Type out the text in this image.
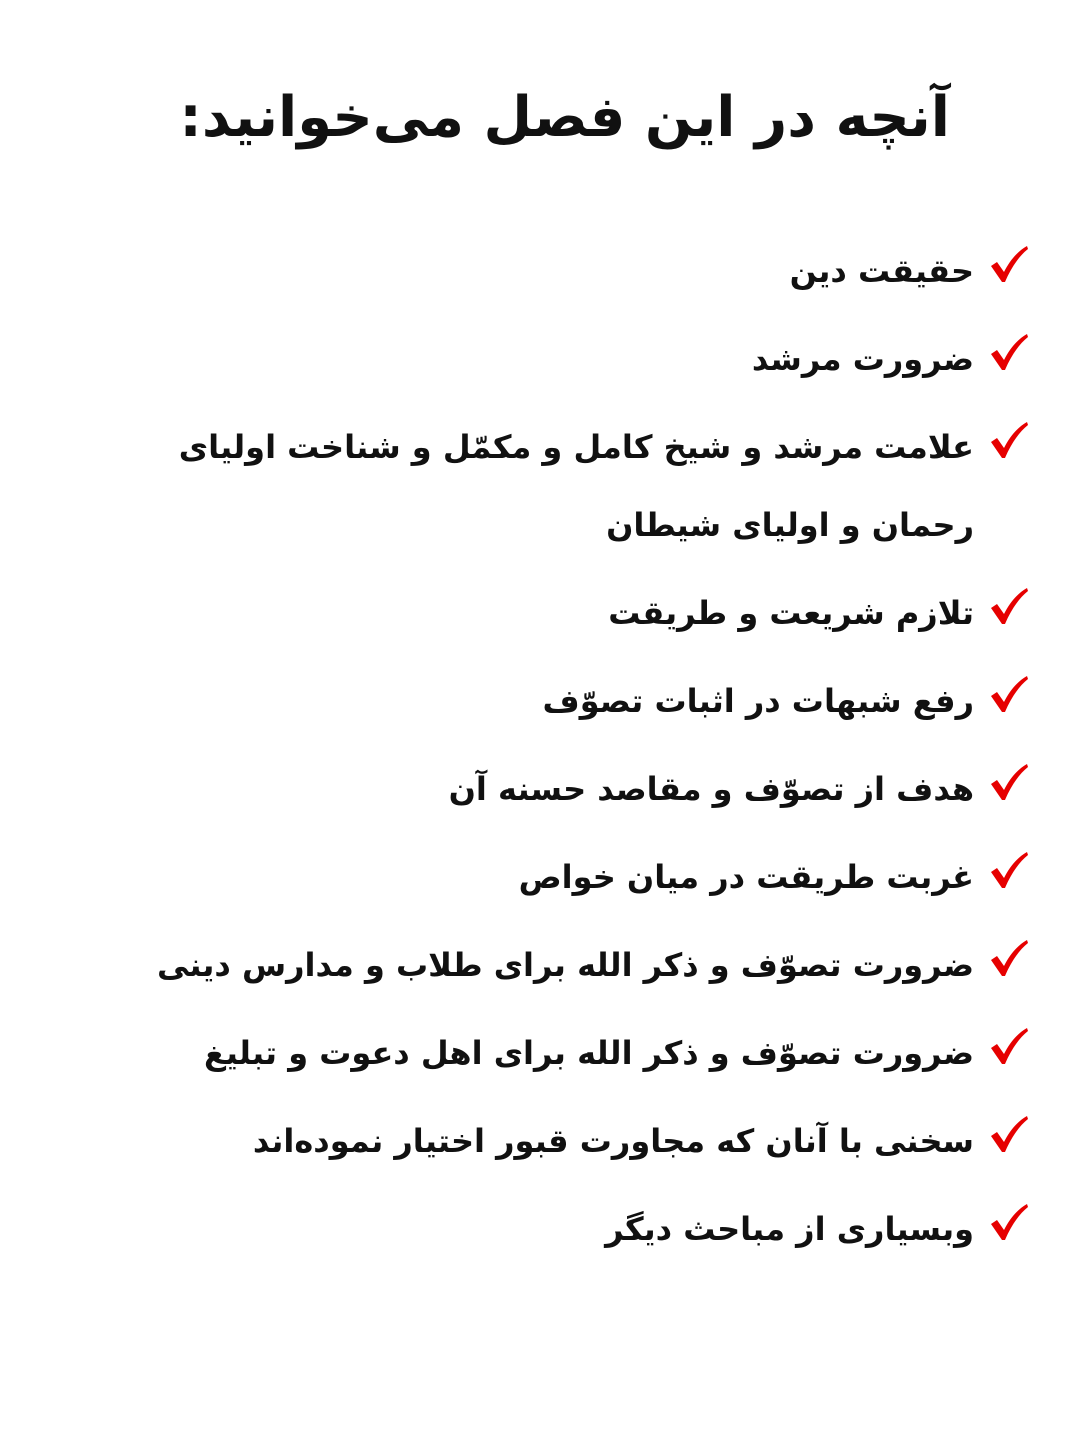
آنچه در این فصل می‌خوانید:
حقیقت دین
ضرورت مرشد
علامت مرشد و شیخ کامل و مکمّل و شناخت اولیای
رحمان و اولیای شیطان
تلازم شریعت و طریقت
رفع شبهات در اثبات تصوّف
هدف از تصوّف و مقاصد حسنه آن
غربت طریقت در میان خواص
ضرورت تصوّف و ذکر الله برای طلاب و مدارس دینی
ضرورت تصوّف و ذکر الله برای اهل دعوت و تبلیغ
سخنی با آنان که مجاورت قبور اختیار نموده‌اند
وبسیاری از مباحث دیگر
